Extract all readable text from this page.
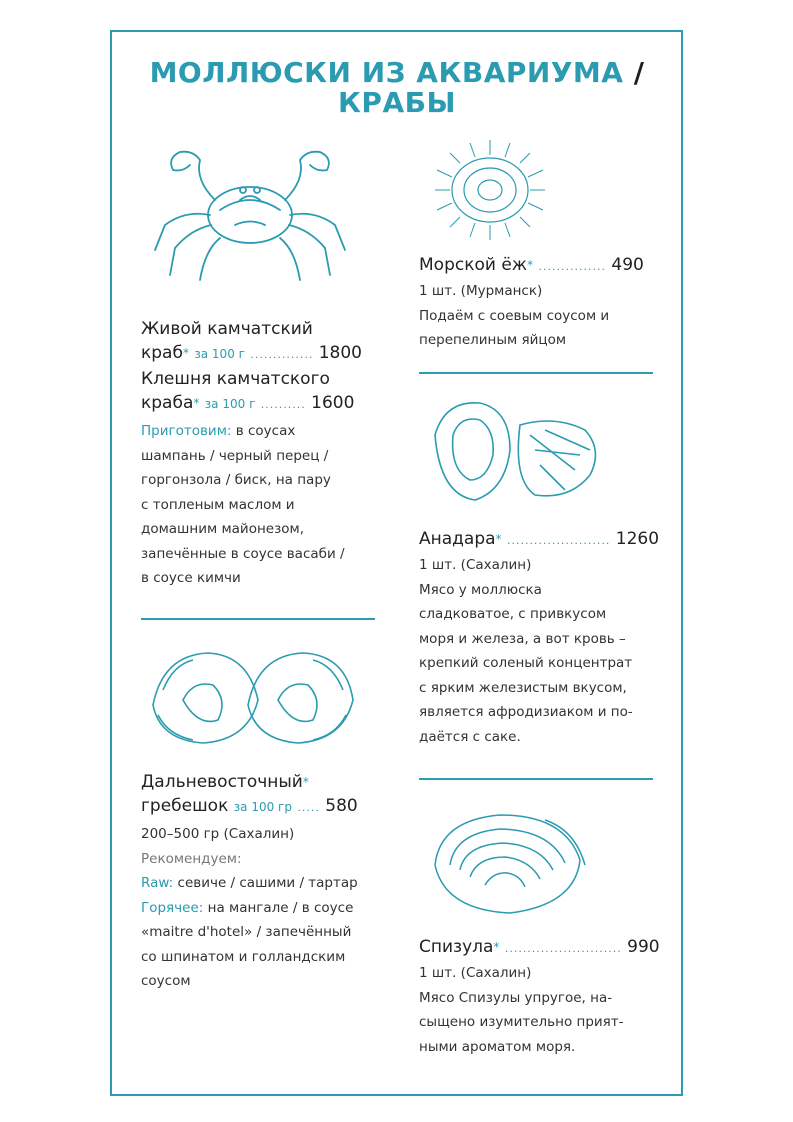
МОЛЛЮСКИ ИЗ АКВАРИУМА /
КРАБЫ
Морской ёж* ............... 490
1 шт. (Мурманск)
Подаём с соевым соусом и
перепелиным яйцом
Живой камчатский
краб* за 100 г .............. 1800
Клешня камчатского
краба* за 100 г .......... 1600
Приготовим: в соусах
шампань / черный перец /
горгонзола / биск, на пару
с топленым маслом и
домашним майонезом,
запечённые в соусе васаби /
в соусе кимчи
Анадара* ....................... 1260
1 шт. (Сахалин)
Мясо у моллюска
сладковатое, с привкусом
моря и железа, а вот кровь –
крепкий соленый концентрат
с ярким железистым вкусом,
является афродизиаком и по-
даётся с саке.
Дальневосточный*
гребешок за 100 гр ..... 580
200–500 гр (Сахалин)
Рекомендуем:
Raw: севиче / сашими / тартар
Горячее: на мангале / в соусе
«maitre d'hotel» / запечённый
со шпинатом и голландским
соусом
Спизула* .......................... 990
1 шт. (Сахалин)
Мясо Спизулы упругое, на-
сыщено изумительно прият-
ными ароматом моря.
